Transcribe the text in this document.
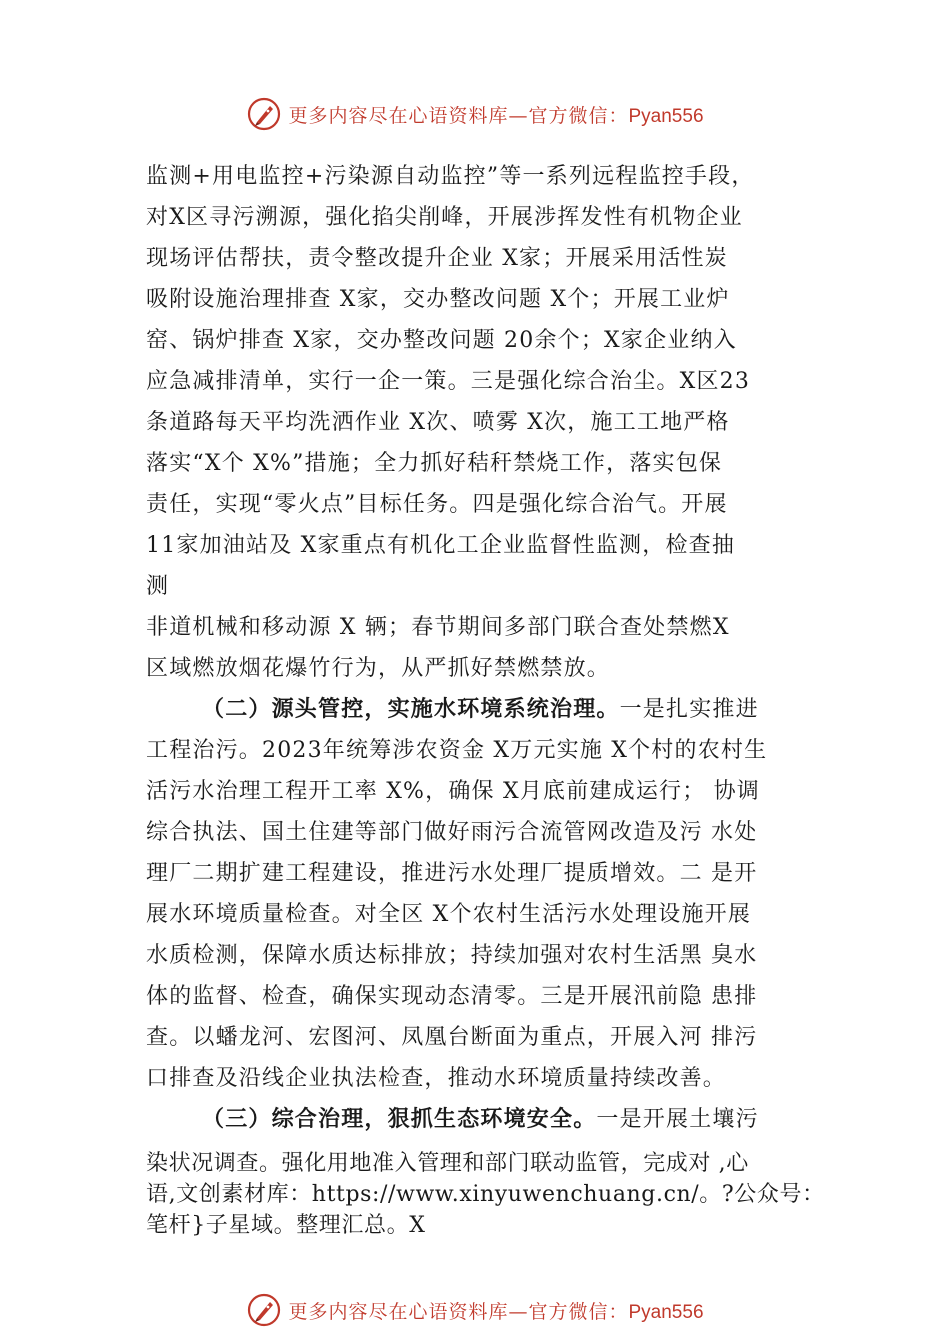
更多内容尽在心语资料库—官方微信：Pyan556
监测+用电监控+污染源自动监控”等一系列远程监控手段，
对X区寻污溯源，强化掐尖削峰，开展涉挥发性有机物企业
现场评估帮扶，责令整改提升企业 X家；开展采用活性炭
吸附设施治理排查 X家，交办整改问题 X个；开展工业炉
窑、锅炉排查 X家，交办整改问题 20余个；X家企业纳入
应急减排清单，实行一企一策。三是强化综合治尘。X区23
条道路每天平均洗洒作业 X次、喷雾 X次，施工工地严格
落实“X个 X%”措施；全力抓好秸秆禁烧工作，落实包保
责任，实现“零火点”目标任务。四是强化综合治气。开展
11家加油站及 X家重点有机化工企业监督性监测，检查抽
测
非道机械和移动源 X 辆；春节期间多部门联合查处禁燃X
区域燃放烟花爆竹行为，从严抓好禁燃禁放。
（二）源头管控，实施水环境系统治理。一是扎实推进
工程治污。2023年统筹涉农资金 X万元实施 X个村的农村生
活污水治理工程开工率 X%，确保 X月底前建成运行； 协调
综合执法、国土住建等部门做好雨污合流管网改造及污 水处
理厂二期扩建工程建设，推进污水处理厂提质增效。二 是开
展水环境质量检查。对全区 X个农村生活污水处理设施开展
水质检测，保障水质达标排放；持续加强对农村生活黑 臭水
体的监督、检查，确保实现动态清零。三是开展汛前隐 患排
查。以蟠龙河、宏图河、凤凰台断面为重点，开展入河 排污
口排查及沿线企业执法检查，推动水环境质量持续改善。
（三）综合治理，狠抓生态环境安全。一是开展土壤污
染状况调查。强化用地准入管理和部门联动监管，完成对 ,心
语,文创素材库：https://www.xinyuwenchuang.cn/。?公众号：
笔杆}子星域。整理汇总。X
更多内容尽在心语资料库—官方微信：Pyan556
